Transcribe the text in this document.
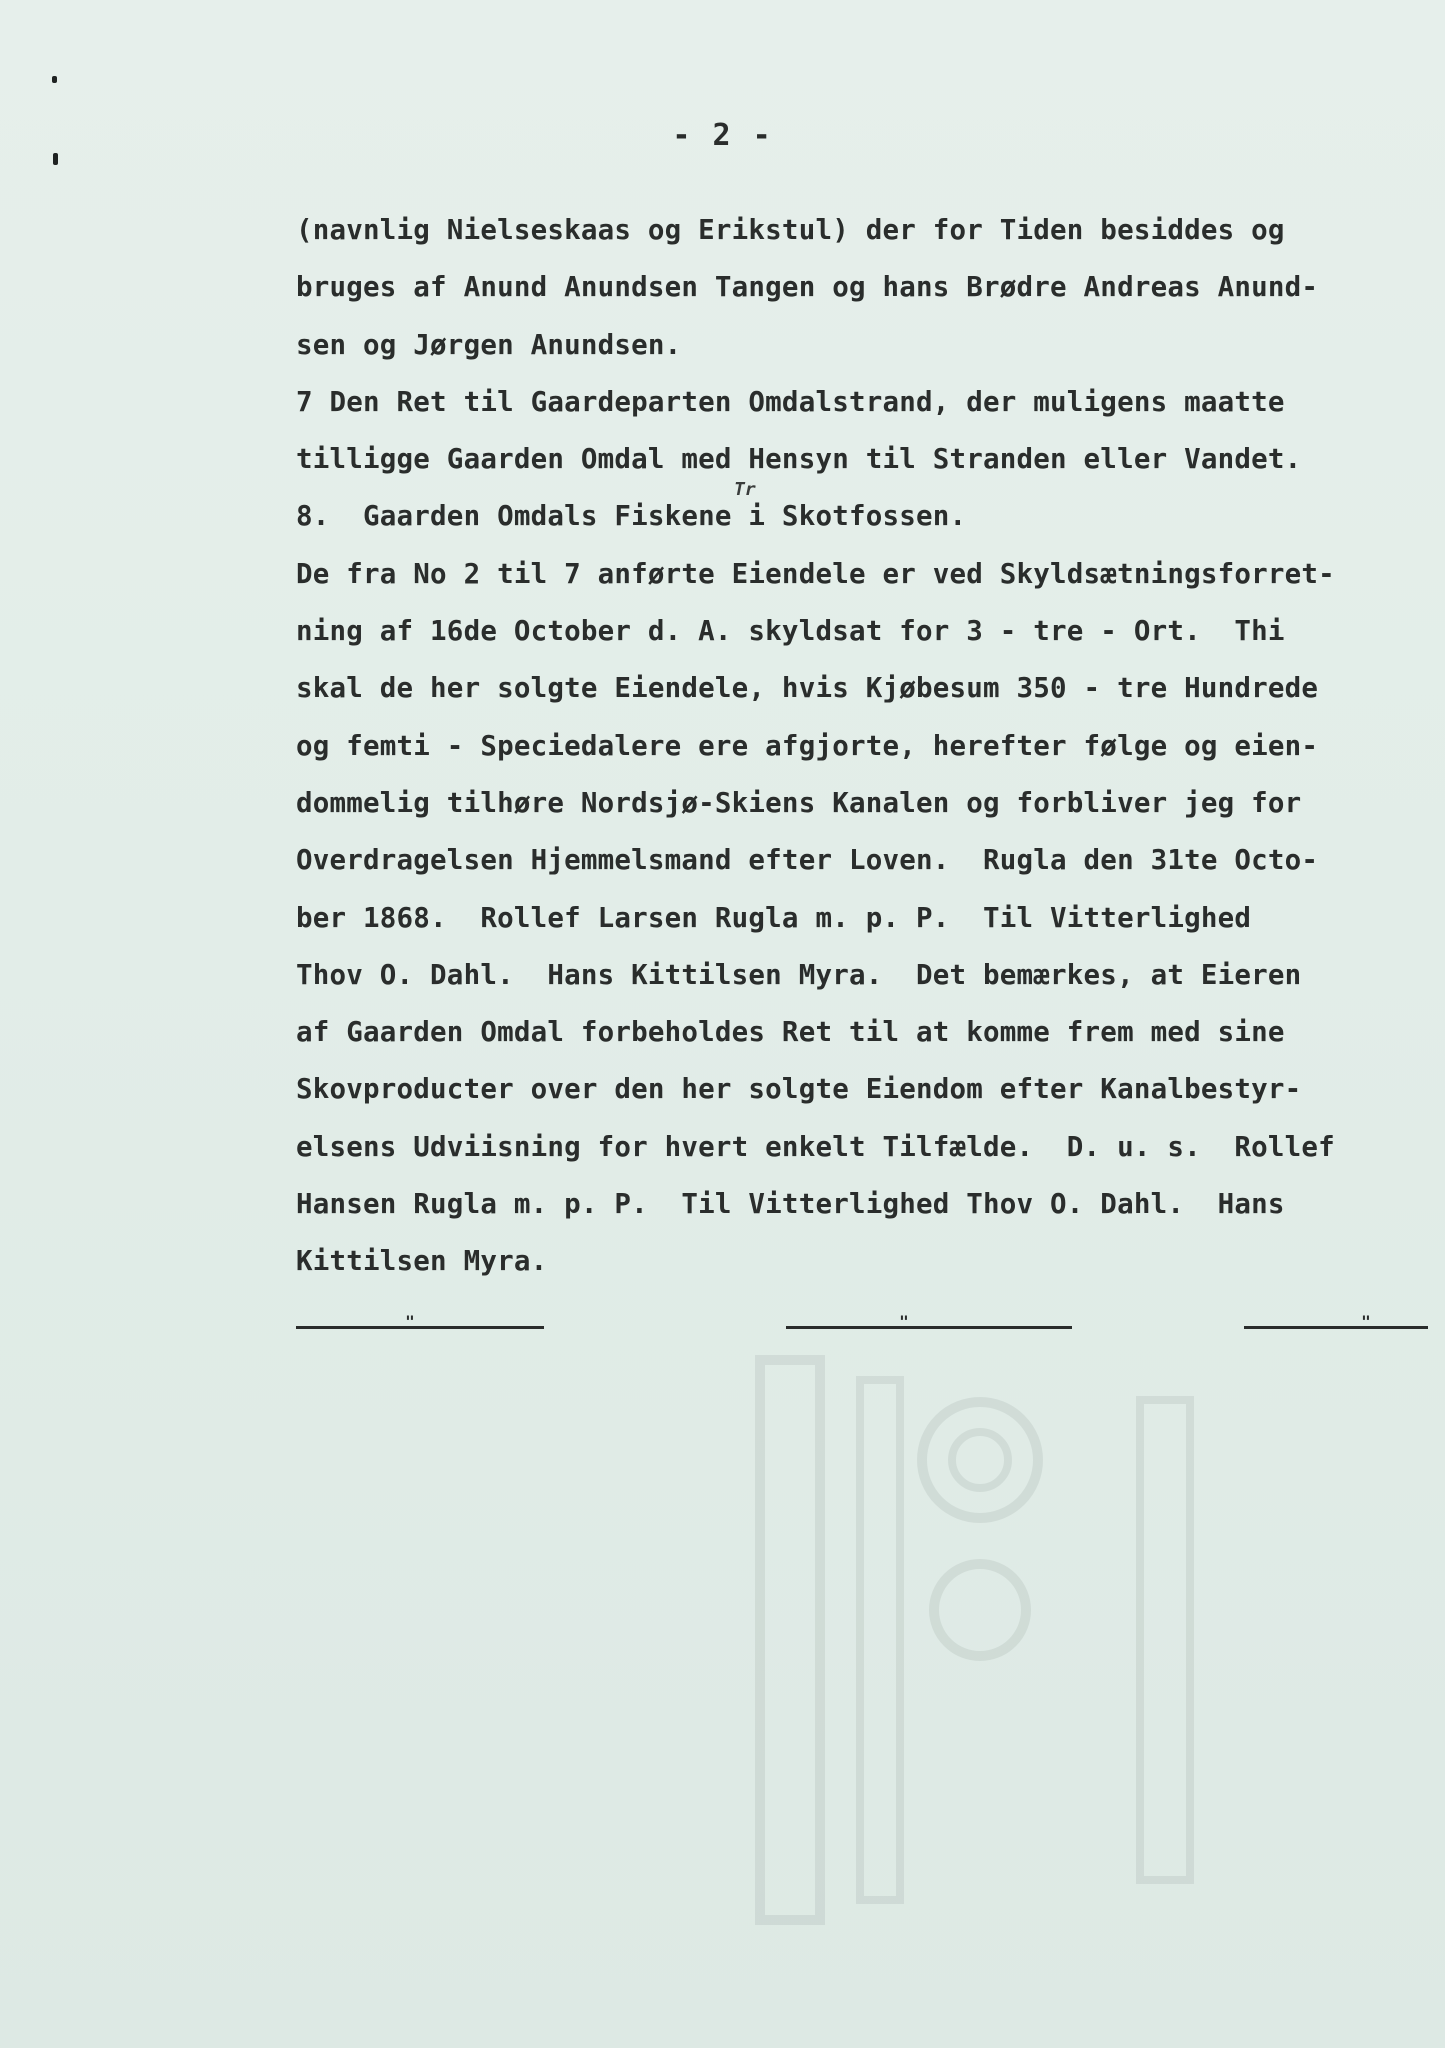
- 2 -
(navnlig Nielseskaas og Erikstul) der for Tiden besiddes og
bruges af Anund Anundsen Tangen og hans Brødre Andreas Anund-
sen og Jørgen Anundsen.
7 Den Ret til Gaardeparten Omdalstrand, der muligens maatte
tilligge Gaarden Omdal med Hensyn til Stranden eller Vandet.
8.  Gaarden Omdals Fiskene i Skotfossen.
De fra No 2 til 7 anførte Eiendele er ved Skyldsætningsforret-
ning af 16de October d. A. skyldsat for 3 - tre - Ort.  Thi
skal de her solgte Eiendele, hvis Kjøbesum 350 - tre Hundrede
og femti - Speciedalere ere afgjorte, herefter følge og eien-
dommelig tilhøre Nordsjø-Skiens Kanalen og forbliver jeg for
Overdragelsen Hjemmelsmand efter Loven.  Rugla den 31te Octo-
ber 1868.  Rollef Larsen Rugla m. p. P.  Til Vitterlighed
Thov O. Dahl.  Hans Kittilsen Myra.  Det bemærkes, at Eieren
af Gaarden Omdal forbeholdes Ret til at komme frem med sine
Skovproducter over den her solgte Eiendom efter Kanalbestyr-
elsens Udviisning for hvert enkelt Tilfælde.  D. u. s.  Rollef
Hansen Rugla m. p. P.  Til Vitterlighed Thov O. Dahl.  Hans
Kittilsen Myra.
Tr
"	"	"
